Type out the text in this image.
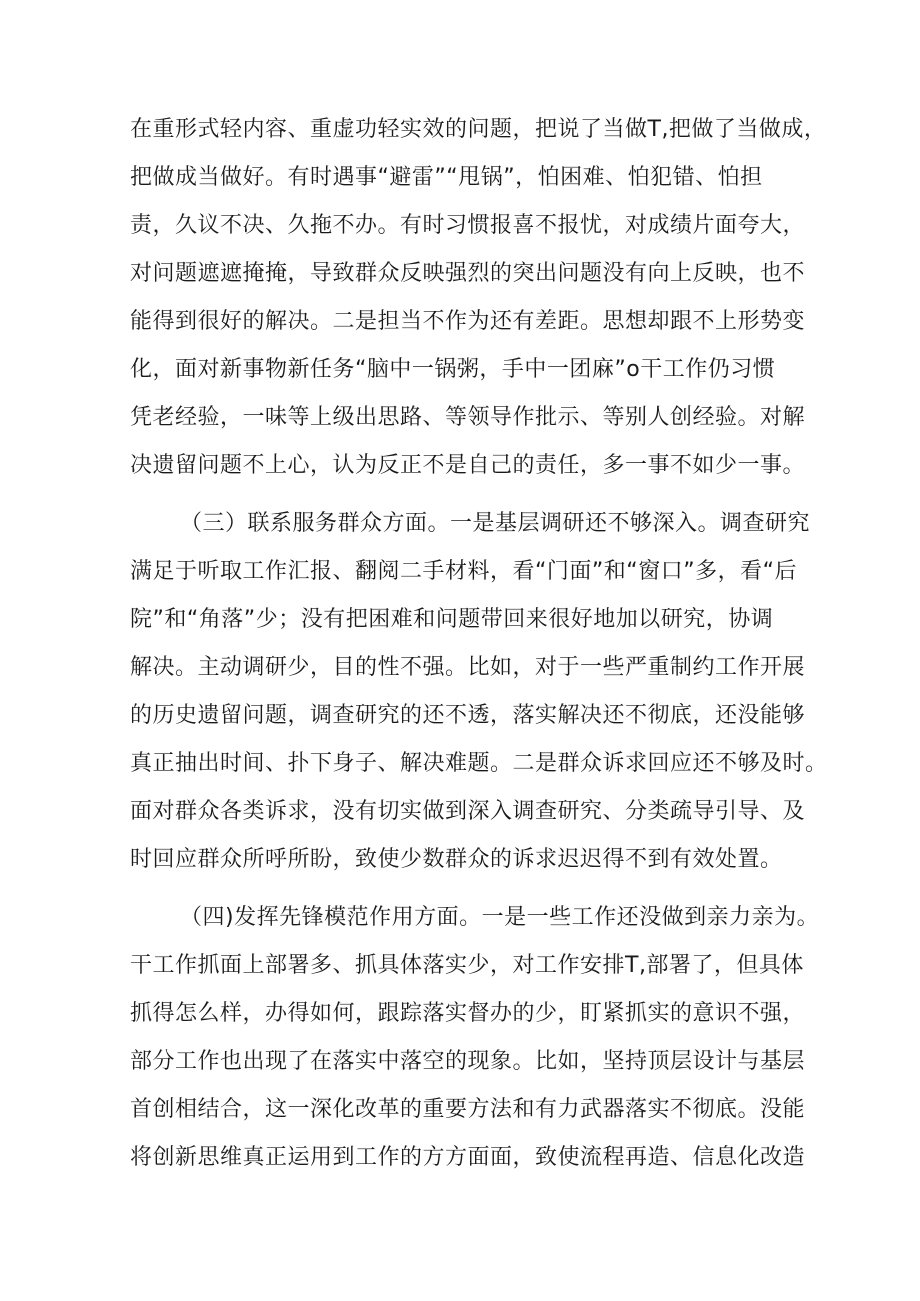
在重形式轻内容、重虚功轻实效的问题，把说了当做T,把做了当做成，
把做成当做好。有时遇事“避雷”“甩锅”，怕困难、怕犯错、怕担
责，久议不决、久拖不办。有时习惯报喜不报忧，对成绩片面夸大，
对问题遮遮掩掩，导致群众反映强烈的突出问题没有向上反映，也不
能得到很好的解决。二是担当不作为还有差距。思想却跟不上形势变
化，面对新事物新任务“脑中一锅粥，手中一团麻”o干工作仍习惯
凭老经验，一味等上级出思路、等领导作批示、等别人创经验。对解
决遗留问题不上心，认为反正不是自己的责任，多一事不如少一事。
（三）联系服务群众方面。一是基层调研还不够深入。调查研究
满足于听取工作汇报、翻阅二手材料，看“门面”和“窗口”多，看“后
院”和“角落”少；没有把困难和问题带回来很好地加以研究，协调
解决。主动调研少，目的性不强。比如，对于一些严重制约工作开展
的历史遗留问题，调查研究的还不透，落实解决还不彻底，还没能够
真正抽出时间、扑下身子、解决难题。二是群众诉求回应还不够及时。
面对群众各类诉求，没有切实做到深入调查研究、分类疏导引导、及
时回应群众所呼所盼，致使少数群众的诉求迟迟得不到有效处置。
（四)发挥先锋模范作用方面。一是一些工作还没做到亲力亲为。
干工作抓面上部署多、抓具体落实少，对工作安排T,部署了，但具体
抓得怎么样，办得如何，跟踪落实督办的少，盯紧抓实的意识不强，
部分工作也出现了在落实中落空的现象。比如，坚持顶层设计与基层
首创相结合，这一深化改革的重要方法和有力武器落实不彻底。没能
将创新思维真正运用到工作的方方面面，致使流程再造、信息化改造
